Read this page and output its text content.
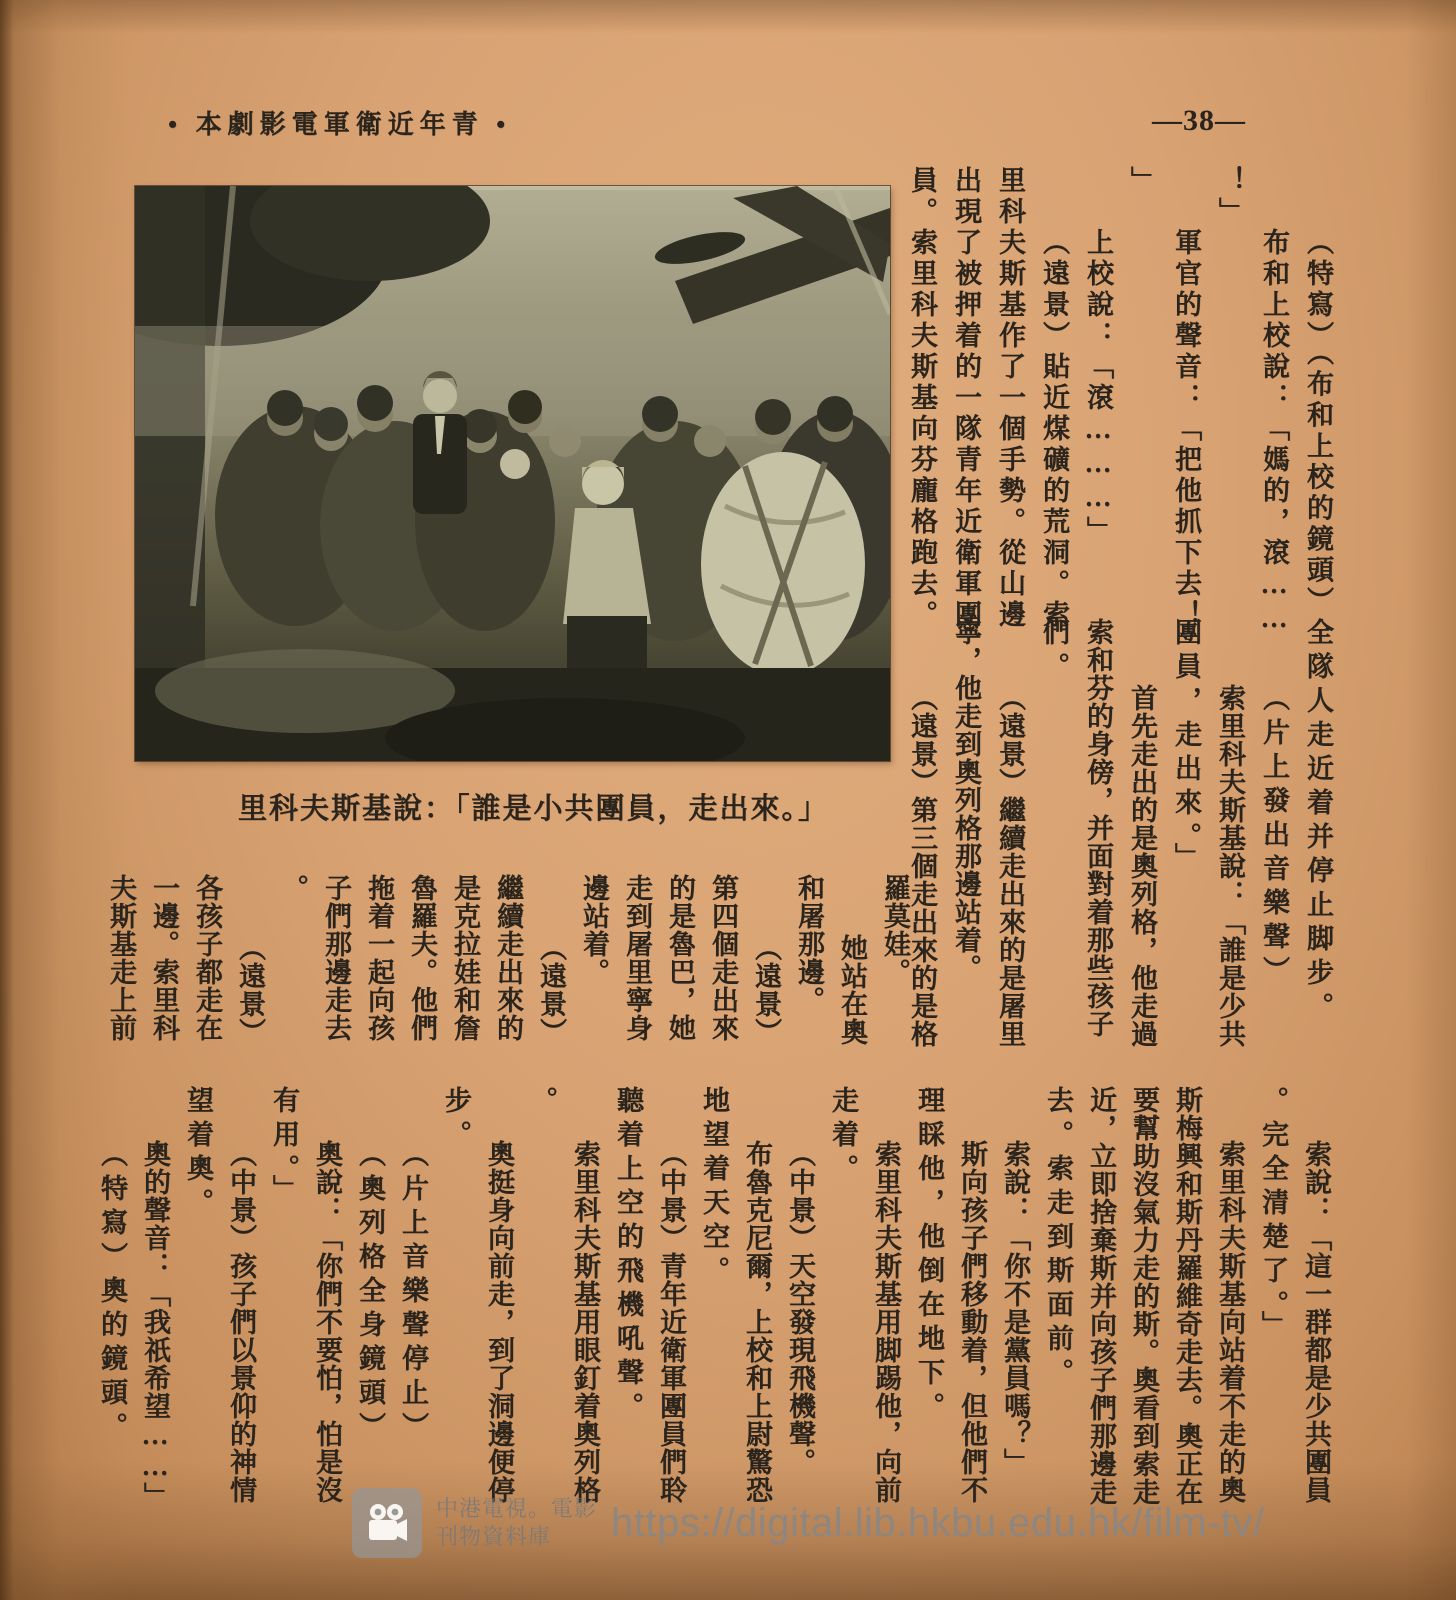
• 本劇影電軍衛近年青 •	—38—
里科夫斯基說：「誰是小共團員，走出來。」
（特寫）（布和上校的鏡頭）
布和上校說：「媽的，滾……
！」
軍官的聲音：「把他抓下去！
」
上校說：「滾………」
（遠景）貼近煤礦的荒洞。索
里科夫斯基作了一個手勢。從山邊
出現了被押着的一隊青年近衛軍團
員。索里科夫斯基向芬龐格跑去。
全隊人走近着并停止脚步。
（片上發出音樂聲）
索里科夫斯基說：「誰是少共
團員，走出來。」
首先走出的是奧列格，他走過
索和芬的身傍，并面對着那些孩子
們。
（遠景）繼續走出來的是屠里
寧，他走到奧列格那邊站着。
（遠景）第三個走出來的是格
羅莫娃。
她站在奧
和屠那邊。
（遠景）
第四個走出來
的是魯巴，她
走到屠里寧身
邊站着。
（遠景）
繼續走出來的
是克拉娃和詹
魯羅夫。他們
拖着一起向孩
子們那邊走去
。
（遠景）
各孩子都走在
一邊。索里科
夫斯基走上前
索說：「這一群都是少共團員
。完全清楚了。」
索里科夫斯基向站着不走的奧
斯梅興和斯丹羅維奇走去。奧正在
要幫助沒氣力走的斯。奧看到索走
近，立即捨棄斯并向孩子們那邊走
去。索走到斯面前。
索說：「你不是黨員嗎？」
斯向孩子們移動着，但他們不
理睬他，他倒在地下。
索里科夫斯基用脚踢他，向前
走着。
（中景）天空發現飛機聲。
布魯克尼爾，上校和上尉驚恐
地望着天空。
（中景）青年近衛軍團員們聆
聽着上空的飛機吼聲。
索里科夫斯基用眼釘着奧列格
。
奧挺身向前走，到了洞邊便停
步。
（片上音樂聲停止）
（奧列格全身鏡頭）
奧說：「你們不要怕，怕是沒
有用。」
（中景）孩子們以景仰的神情
望着奧。
奧的聲音：「我祇希望……」
（特寫）奧的鏡頭。
中港電視。電影
刊物資料庫	https://digital.lib.hkbu.edu.hk/film-tv/
